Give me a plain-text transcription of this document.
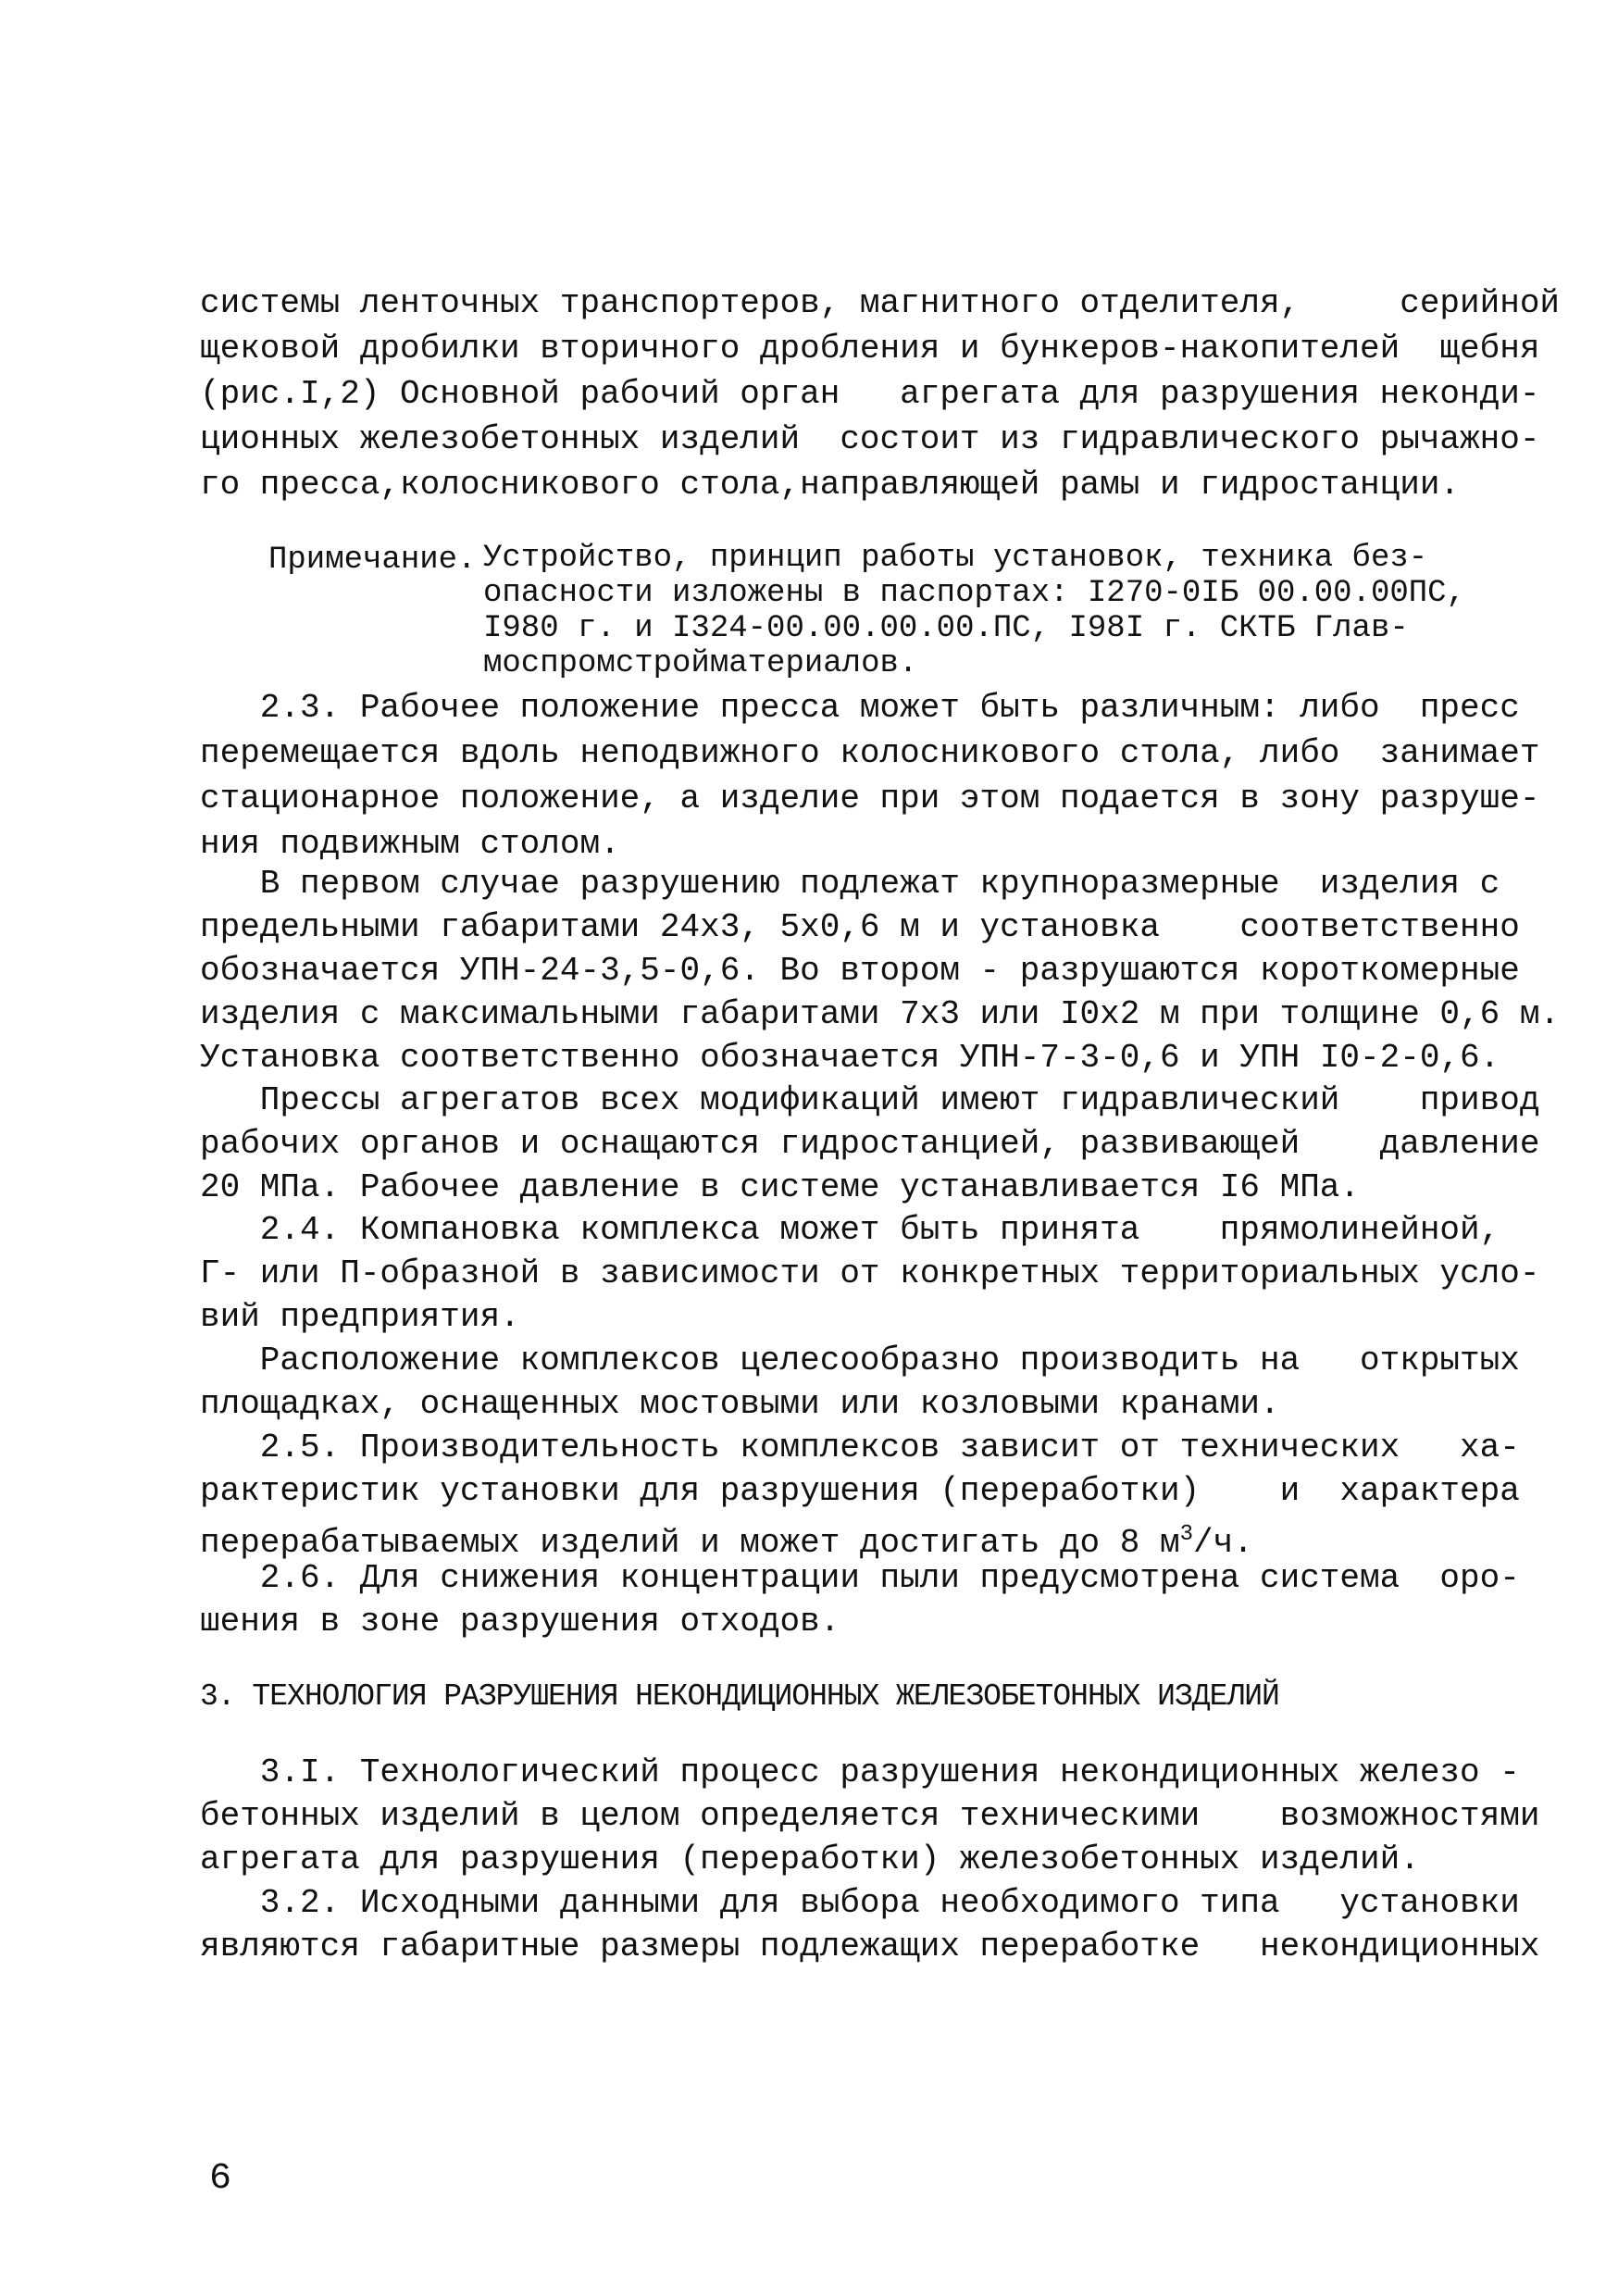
системы ленточных транспортеров, магнитного отделителя,     серийной
щековой дробилки вторичного дробления и бункеров-накопителей  щебня
(рис.I,2) Основной рабочий орган   агрегата для разрушения неконди-
ционных железобетонных изделий  состоит из гидравлического рычажно-
го пресса,колосникового стола,направляющей рамы и гидростанции.
Примечание. Устройство, принцип работы установок, техника без-
опасности изложены в паспортах: I270-0IБ 00.00.00ПС,
I980 г. и I324-00.00.00.00.ПС, I98I г. СКТБ Глав-
моспромстройматериалов.
2.3. Рабочее положение пресса может быть различным: либо  пресс
перемещается вдоль неподвижного колосникового стола, либо  занимает
стационарное положение, а изделие при этом подается в зону разруше-
ния подвижным столом.
В первом случае разрушению подлежат крупноразмерные  изделия с
предельными габаритами 24х3, 5х0,6 м и установка    соответственно
обозначается УПН-24-3,5-0,6. Во втором - разрушаются короткомерные
изделия с максимальными габаритами 7х3 или I0х2 м при толщине 0,6 м.
Установка соответственно обозначается УПН-7-3-0,6 и УПН I0-2-0,6.
Прессы агрегатов всех модификаций имеют гидравлический    привод
рабочих органов и оснащаются гидростанцией, развивающей    давление
20 МПа. Рабочее давление в системе устанавливается I6 МПа.
2.4. Компановка комплекса может быть принята    прямолинейной,
Г- или П-образной в зависимости от конкретных территориальных усло-
вий предприятия.
Расположение комплексов целесообразно производить на   открытых
площадках, оснащенных мостовыми или козловыми кранами.
2.5. Производительность комплексов зависит от технических   ха-
рактеристик установки для разрушения (переработки)    и  характера
перерабатываемых изделий и может достигать до 8 $м^3/ч$.
2.6. Для снижения концентрации пыли предусмотрена система  оро-
шения в зоне разрушения отходов.
3. ТЕХНОЛОГИЯ РАЗРУШЕНИЯ НЕКОНДИЦИОННЫХ ЖЕЛЕЗОБЕТОННЫХ ИЗДЕЛИЙ
3.I. Технологический процесс разрушения некондиционных железо -
бетонных изделий в целом определяется техническими    возможностями
агрегата для разрушения (переработки) железобетонных изделий.
3.2. Исходными данными для выбора необходимого типа   установки
являются габаритные размеры подлежащих переработке   некондиционных
6
